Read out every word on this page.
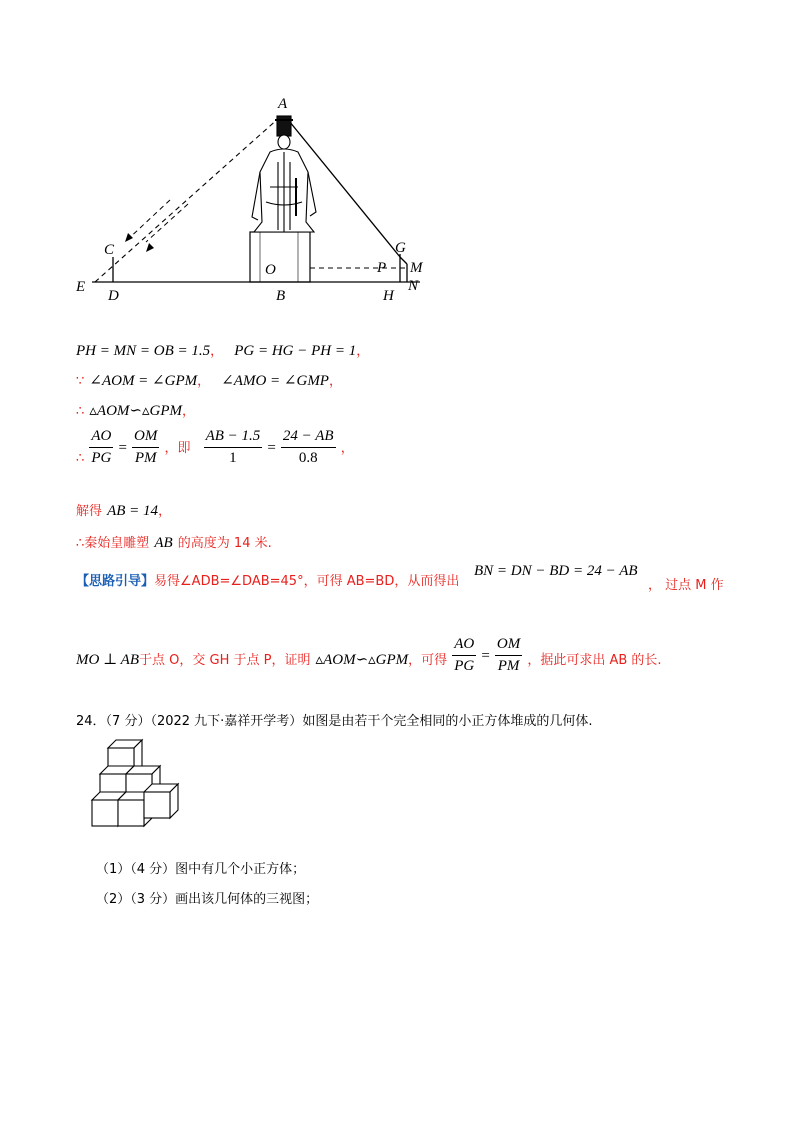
A
C
E
D
O
B
G
P M
H
N
PH = MN = OB = 1.5， PG = HG − PH = 1，
∵ ∠AOM = ∠GPM， ∠AMO = ∠GMP，
∴ ▵AOM∽▵GPM，
$_\therefore \frac{AO}{PG} = \frac{OM}{PM}$ ，即 $\frac{AB - 1.5}{1} = \frac{24 - AB}{0.8}$ ，
解得 AB = 14，
∴秦始皇雕塑 AB 的高度为 14 米.
【思路引导】易得∠ADB=∠DAB=45°，可得 AB=BD，从而得出
BN = DN − BD = 24 − AB
， 过点 M 作
MO ⊥ $AB_{于点 O,交 GH 于点 P,证明}$ $▵AOM∽▵GPM_{,可得} \frac{AO}{PG} = \frac{OM}{PM} _{,据此可求出 AB 的长.}$
24．（7 分）（2022 九下·嘉祥开学考）如图是由若干个完全相同的小正方体堆成的几何体.
（1）（4 分）图中有几个小正方体；
（2）（3 分）画出该几何体的三视图；
